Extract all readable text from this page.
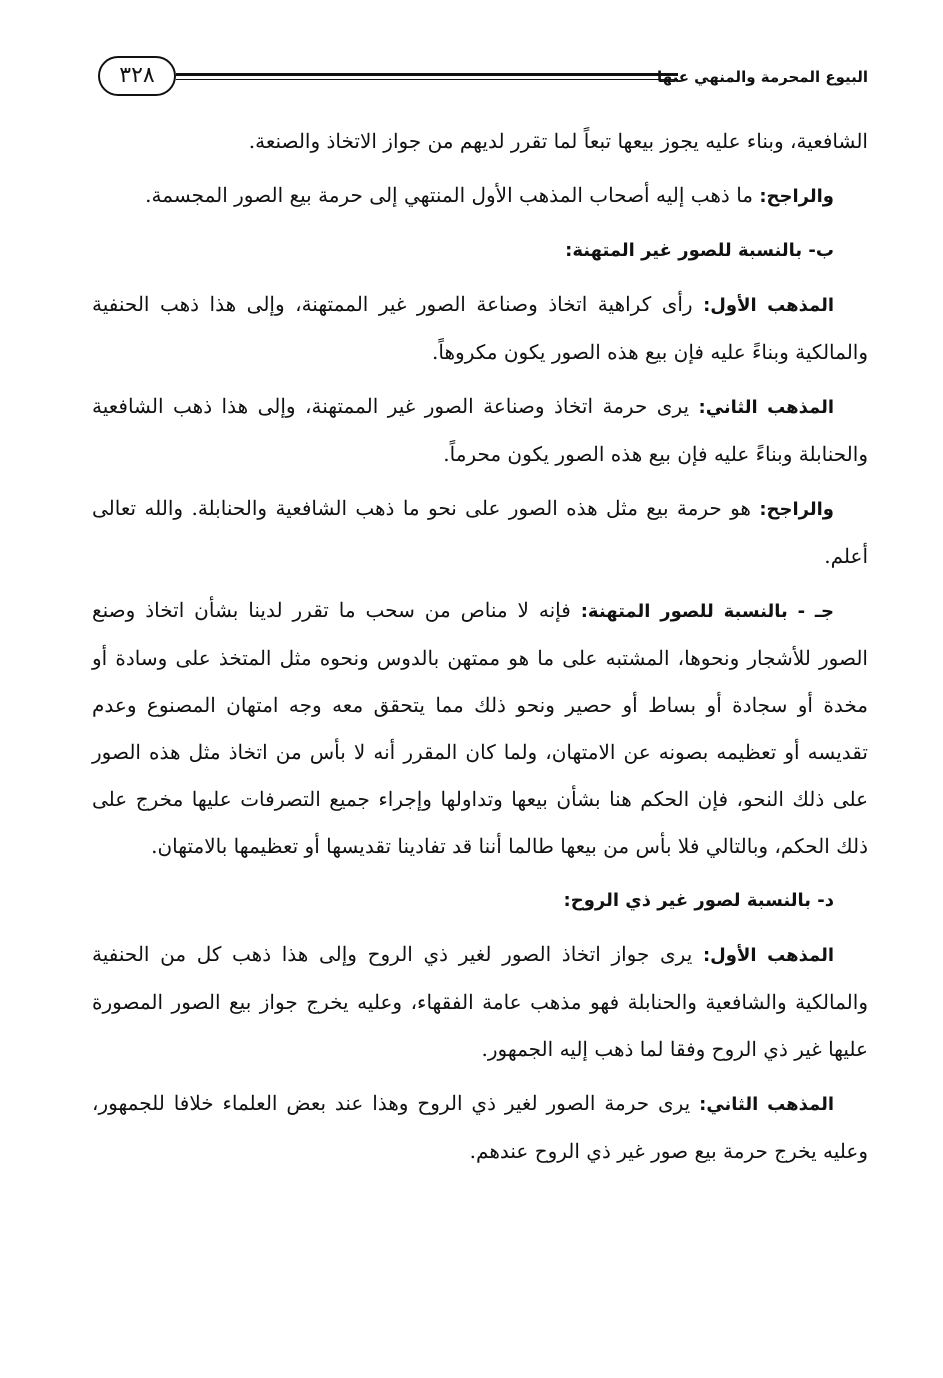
٣٢٨	البيوع المحرمة والمنهي عنها

الشافعية، وبناء عليه يجوز بيعها تبعاً لما تقرر لديهم من جواز الاتخاذ والصنعة.

والراجح: ما ذهب إليه أصحاب المذهب الأول المنتهي إلى حرمة بيع الصور المجسمة.

ب- بالنسبة للصور غير المتهنة:

المذهب الأول: رأى كراهية اتخاذ وصناعة الصور غير الممتهنة، وإلى هذا ذهب الحنفية والمالكية وبناءً عليه فإن بيع هذه الصور يكون مكروهاً.

المذهب الثاني: يرى حرمة اتخاذ وصناعة الصور غير الممتهنة، وإلى هذا ذهب الشافعية والحنابلة وبناءً عليه فإن بيع هذه الصور يكون محرماً.

والراجح: هو حرمة بيع مثل هذه الصور على نحو ما ذهب الشافعية والحنابلة. والله تعالى أعلم.

جـ - بالنسبة للصور المتهنة: فإنه لا مناص من سحب ما تقرر لدينا بشأن اتخاذ وصنع الصور للأشجار ونحوها، المشتبه على ما هو ممتهن بالدوس ونحوه مثل المتخذ على وسادة أو مخدة أو سجادة أو بساط أو حصير ونحو ذلك مما يتحقق معه وجه امتهان المصنوع وعدم تقديسه أو تعظيمه بصونه عن الامتهان، ولما كان المقرر أنه لا بأس من اتخاذ مثل هذه الصور على ذلك النحو، فإن الحكم هنا بشأن بيعها وتداولها وإجراء جميع التصرفات عليها مخرج على ذلك الحكم، وبالتالي فلا بأس من بيعها طالما أننا قد تفادينا تقديسها أو تعظيمها بالامتهان.

د- بالنسبة لصور غير ذي الروح:

المذهب الأول: يرى جواز اتخاذ الصور لغير ذي الروح وإلى هذا ذهب كل من الحنفية والمالكية والشافعية والحنابلة فهو مذهب عامة الفقهاء، وعليه يخرج جواز بيع الصور المصورة عليها غير ذي الروح وفقا لما ذهب إليه الجمهور.

المذهب الثاني: يرى حرمة الصور لغير ذي الروح وهذا عند بعض العلماء خلافا للجمهور، وعليه يخرج حرمة بيع صور غير ذي الروح عندهم.
